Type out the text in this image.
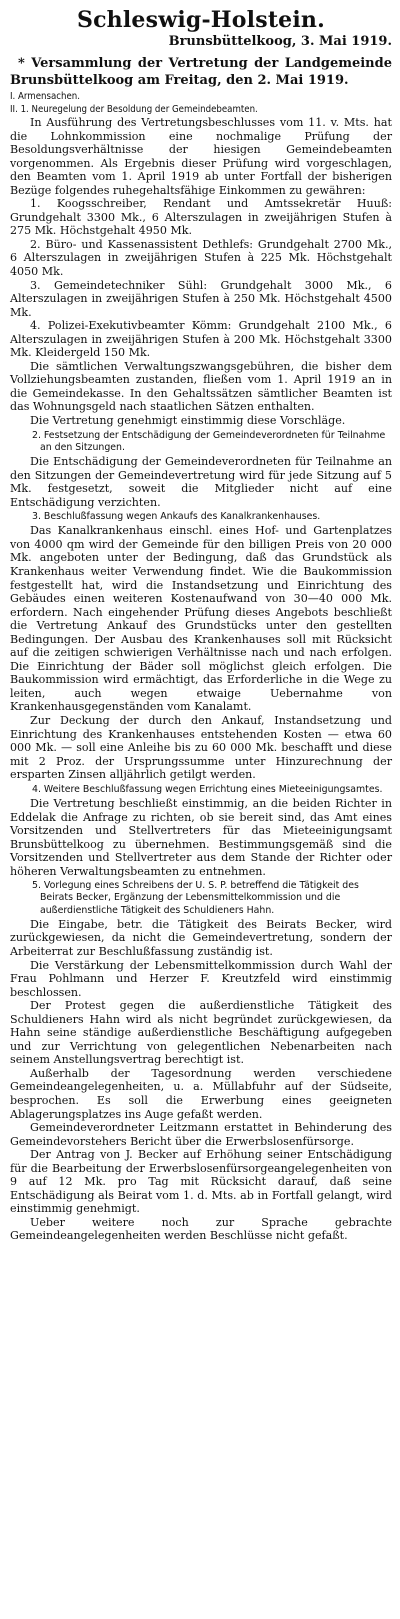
Schleswig-Holstein.
Brunsbüttelkoog, 3. Mai 1919.
* Versammlung der Vertretung der Landgemeinde Brunsbüttelkoog am Freitag, den 2. Mai 1919.
I. Armensachen.
II. 1. Neuregelung der Besoldung der Gemeindebeamten.

In Ausführung des Vertretungsbeschlusses vom 11. v. Mts. hat die Lohnkommission eine nochmalige Prüfung der Besoldungsverhältnisse der hiesigen Gemeindebeamten vorgenommen. Als Ergebnis dieser Prüfung wird vorgeschlagen, den Beamten vom 1. April 1919 ab unter Fortfall der bisherigen Bezüge folgendes ruhegehaltsfähige Einkommen zu gewähren:

1. Koogsschreiber, Rendant und Amtssekretär Huuß: Grundgehalt 3300 Mk., 6 Alterszulagen in zweijährigen Stufen à 275 Mk. Höchstgehalt 4950 Mk.

2. Büro- und Kassenassistent Dethlefs: Grundgehalt 2700 Mk., 6 Alterszulagen in zweijährigen Stufen à 225 Mk. Höchstgehalt 4050 Mk.

3. Gemeindetechniker Sühl: Grundgehalt 3000 Mk., 6 Alterszulagen in zweijährigen Stufen à 250 Mk. Höchstgehalt 4500 Mk.

4. Polizei-Exekutivbeamter Kömm: Grundgehalt 2100 Mk., 6 Alterszulagen in zweijährigen Stufen à 200 Mk. Höchstgehalt 3300 Mk. Kleidergeld 150 Mk.

Die sämtlichen Verwaltungszwangsgebühren, die bisher dem Vollziehungsbeamten zustanden, fließen vom 1. April 1919 an in die Gemeindekasse. In den Gehaltssätzen sämtlicher Beamten ist das Wohnungsgeld nach staatlichen Sätzen enthalten.

Die Vertretung genehmigt einstimmig diese Vorschläge.

2. Festsetzung der Entschädigung der Gemeindeverordneten für Teilnahme an den Sitzungen.

Die Entschädigung der Gemeindeverordneten für Teilnahme an den Sitzungen der Gemeindevertretung wird für jede Sitzung auf 5 Mk. festgesetzt, soweit die Mitglieder nicht auf eine Entschädigung verzichten.

3. Beschlußfassung wegen Ankaufs des Kanalkrankenhauses.

Das Kanalkrankenhaus einschl. eines Hof- und Gartenplatzes von 4000 qm wird der Gemeinde für den billigen Preis von 20 000 Mk. angeboten unter der Bedingung, daß das Grundstück als Krankenhaus weiter Verwendung findet. Wie die Baukommission festgestellt hat, wird die Instandsetzung und Einrichtung des Gebäudes einen weiteren Kostenaufwand von 30—40 000 Mk. erfordern. Nach eingehender Prüfung dieses Angebots beschließt die Vertretung Ankauf des Grundstücks unter den gestellten Bedingungen. Der Ausbau des Krankenhauses soll mit Rücksicht auf die zeitigen schwierigen Verhältnisse nach und nach erfolgen. Die Einrichtung der Bäder soll möglichst gleich erfolgen. Die Baukommission wird ermächtigt, das Erforderliche in die Wege zu leiten, auch wegen etwaige Uebernahme von Krankenhausgegenständen vom Kanalamt.

Zur Deckung der durch den Ankauf, Instandsetzung und Einrichtung des Krankenhauses entstehenden Kosten — etwa 60 000 Mk. — soll eine Anleihe bis zu 60 000 Mk. beschafft und diese mit 2 Proz. der Ursprungssumme unter Hinzurechnung der ersparten Zinsen alljährlich getilgt werden.

4. Weitere Beschlußfassung wegen Errichtung eines Mieteeinigungsamtes.

Die Vertretung beschließt einstimmig, an die beiden Richter in Eddelak die Anfrage zu richten, ob sie bereit sind, das Amt eines Vorsitzenden und Stellvertreters für das Mieteeinigungsamt Brunsbüttelkoog zu übernehmen. Bestimmungsgemäß sind die Vorsitzenden und Stellvertreter aus dem Stande der Richter oder höheren Verwaltungsbeamten zu entnehmen.

5. Vorlegung eines Schreibens der U. S. P. betreffend die Tätigkeit des Beirats Becker, Ergänzung der Lebensmittelkommission und die außerdienstliche Tätigkeit des Schuldieners Hahn.

Die Eingabe, betr. die Tätigkeit des Beirats Becker, wird zurückgewiesen, da nicht die Gemeindevertretung, sondern der Arbeiterrat zur Beschlußfassung zuständig ist.

Die Verstärkung der Lebensmittelkommission durch Wahl der Frau Pohlmann und Herzer F. Kreutzfeld wird einstimmig beschlossen.

Der Protest gegen die außerdienstliche Tätigkeit des Schuldieners Hahn wird als nicht begründet zurückgewiesen, da Hahn seine ständige außerdienstliche Beschäftigung aufgegeben und zur Verrichtung von gelegentlichen Nebenarbeiten nach seinem Anstellungsvertrag berechtigt ist.

Außerhalb der Tagesordnung werden verschiedene Gemeindeangelegenheiten, u. a. Müllabfuhr auf der Südseite, besprochen. Es soll die Erwerbung eines geeigneten Ablagerungsplatzes ins Auge gefaßt werden.

Gemeindeverordneter Leitzmann erstattet in Behinderung des Gemeindevorstehers Bericht über die Erwerbslosenfürsorge.

Der Antrag von J. Becker auf Erhöhung seiner Entschädigung für die Bearbeitung der Erwerbslosenfürsorgeangelegenheiten von 9 auf 12 Mk. pro Tag mit Rücksicht darauf, daß seine Entschädigung als Beirat vom 1. d. Mts. ab in Fortfall gelangt, wird einstimmig genehmigt.

Ueber weitere noch zur Sprache gebrachte Gemeindeangelegenheiten werden Beschlüsse nicht gefaßt.
